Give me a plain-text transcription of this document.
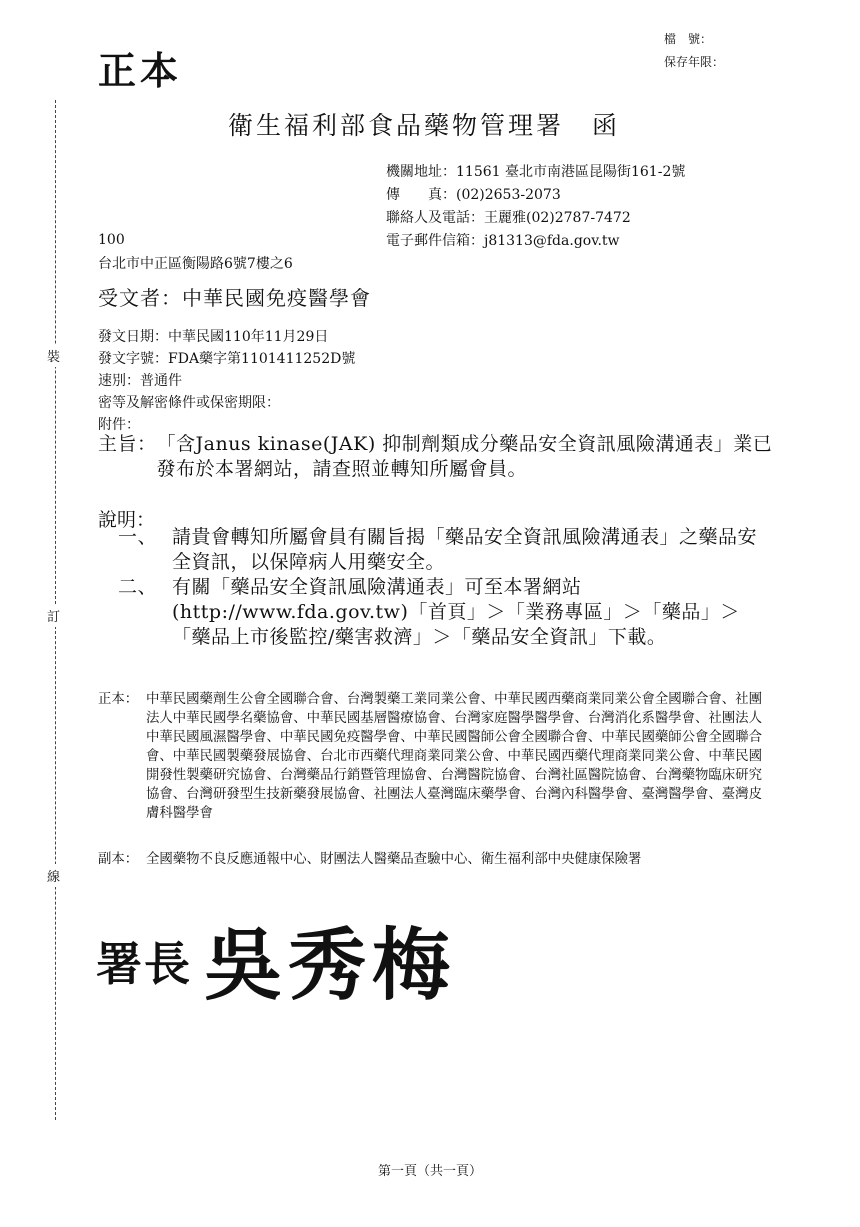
裝
訂
線
正本
檔　號：
保存年限：
衛生福利部食品藥物管理署 函
機關地址：11561 臺北市南港區昆陽街161-2號
傳　　真：(02)2653-2073
聯絡人及電話：王麗雅(02)2787-7472
電子郵件信箱：j81313@fda.gov.tw
100
台北市中正區衡陽路6號7樓之6
受文者：中華民國免疫醫學會
發文日期：中華民國110年11月29日
發文字號：FDA藥字第1101411252D號
速別：普通件
密等及解密條件或保密期限：
附件：
主旨： 「含Janus kinase(JAK) 抑制劑類成分藥品安全資訊風險溝通表」業已發布於本署網站，請查照並轉知所屬會員。
說明：
一、 請貴會轉知所屬會員有關旨揭「藥品安全資訊風險溝通表」之藥品安全資訊，以保障病人用藥安全。
二、 有關「藥品安全資訊風險溝通表」可至本署網站(http://www.fda.gov.tw)「首頁」＞「業務專區」＞「藥品」＞「藥品上市後監控/藥害救濟」＞「藥品安全資訊」下載。
正本： 中華民國藥劑生公會全國聯合會、台灣製藥工業同業公會、中華民國西藥商業同業公會全國聯合會、社團法人中華民國學名藥協會、中華民國基層醫療協會、台灣家庭醫學醫學會、台灣消化系醫學會、社團法人中華民國風濕醫學會、中華民國免疫醫學會、中華民國醫師公會全國聯合會、中華民國藥師公會全國聯合會、中華民國製藥發展協會、台北市西藥代理商業同業公會、中華民國西藥代理商業同業公會、中華民國開發性製藥研究協會、台灣藥品行銷暨管理協會、台灣醫院協會、台灣社區醫院協會、台灣藥物臨床研究協會、台灣研發型生技新藥發展協會、社團法人臺灣臨床藥學會、台灣內科醫學會、臺灣醫學會、臺灣皮膚科醫學會
副本： 全國藥物不良反應通報中心、財團法人醫藥品查驗中心、衛生福利部中央健康保險署
署長 吳秀梅
第一頁（共一頁）
